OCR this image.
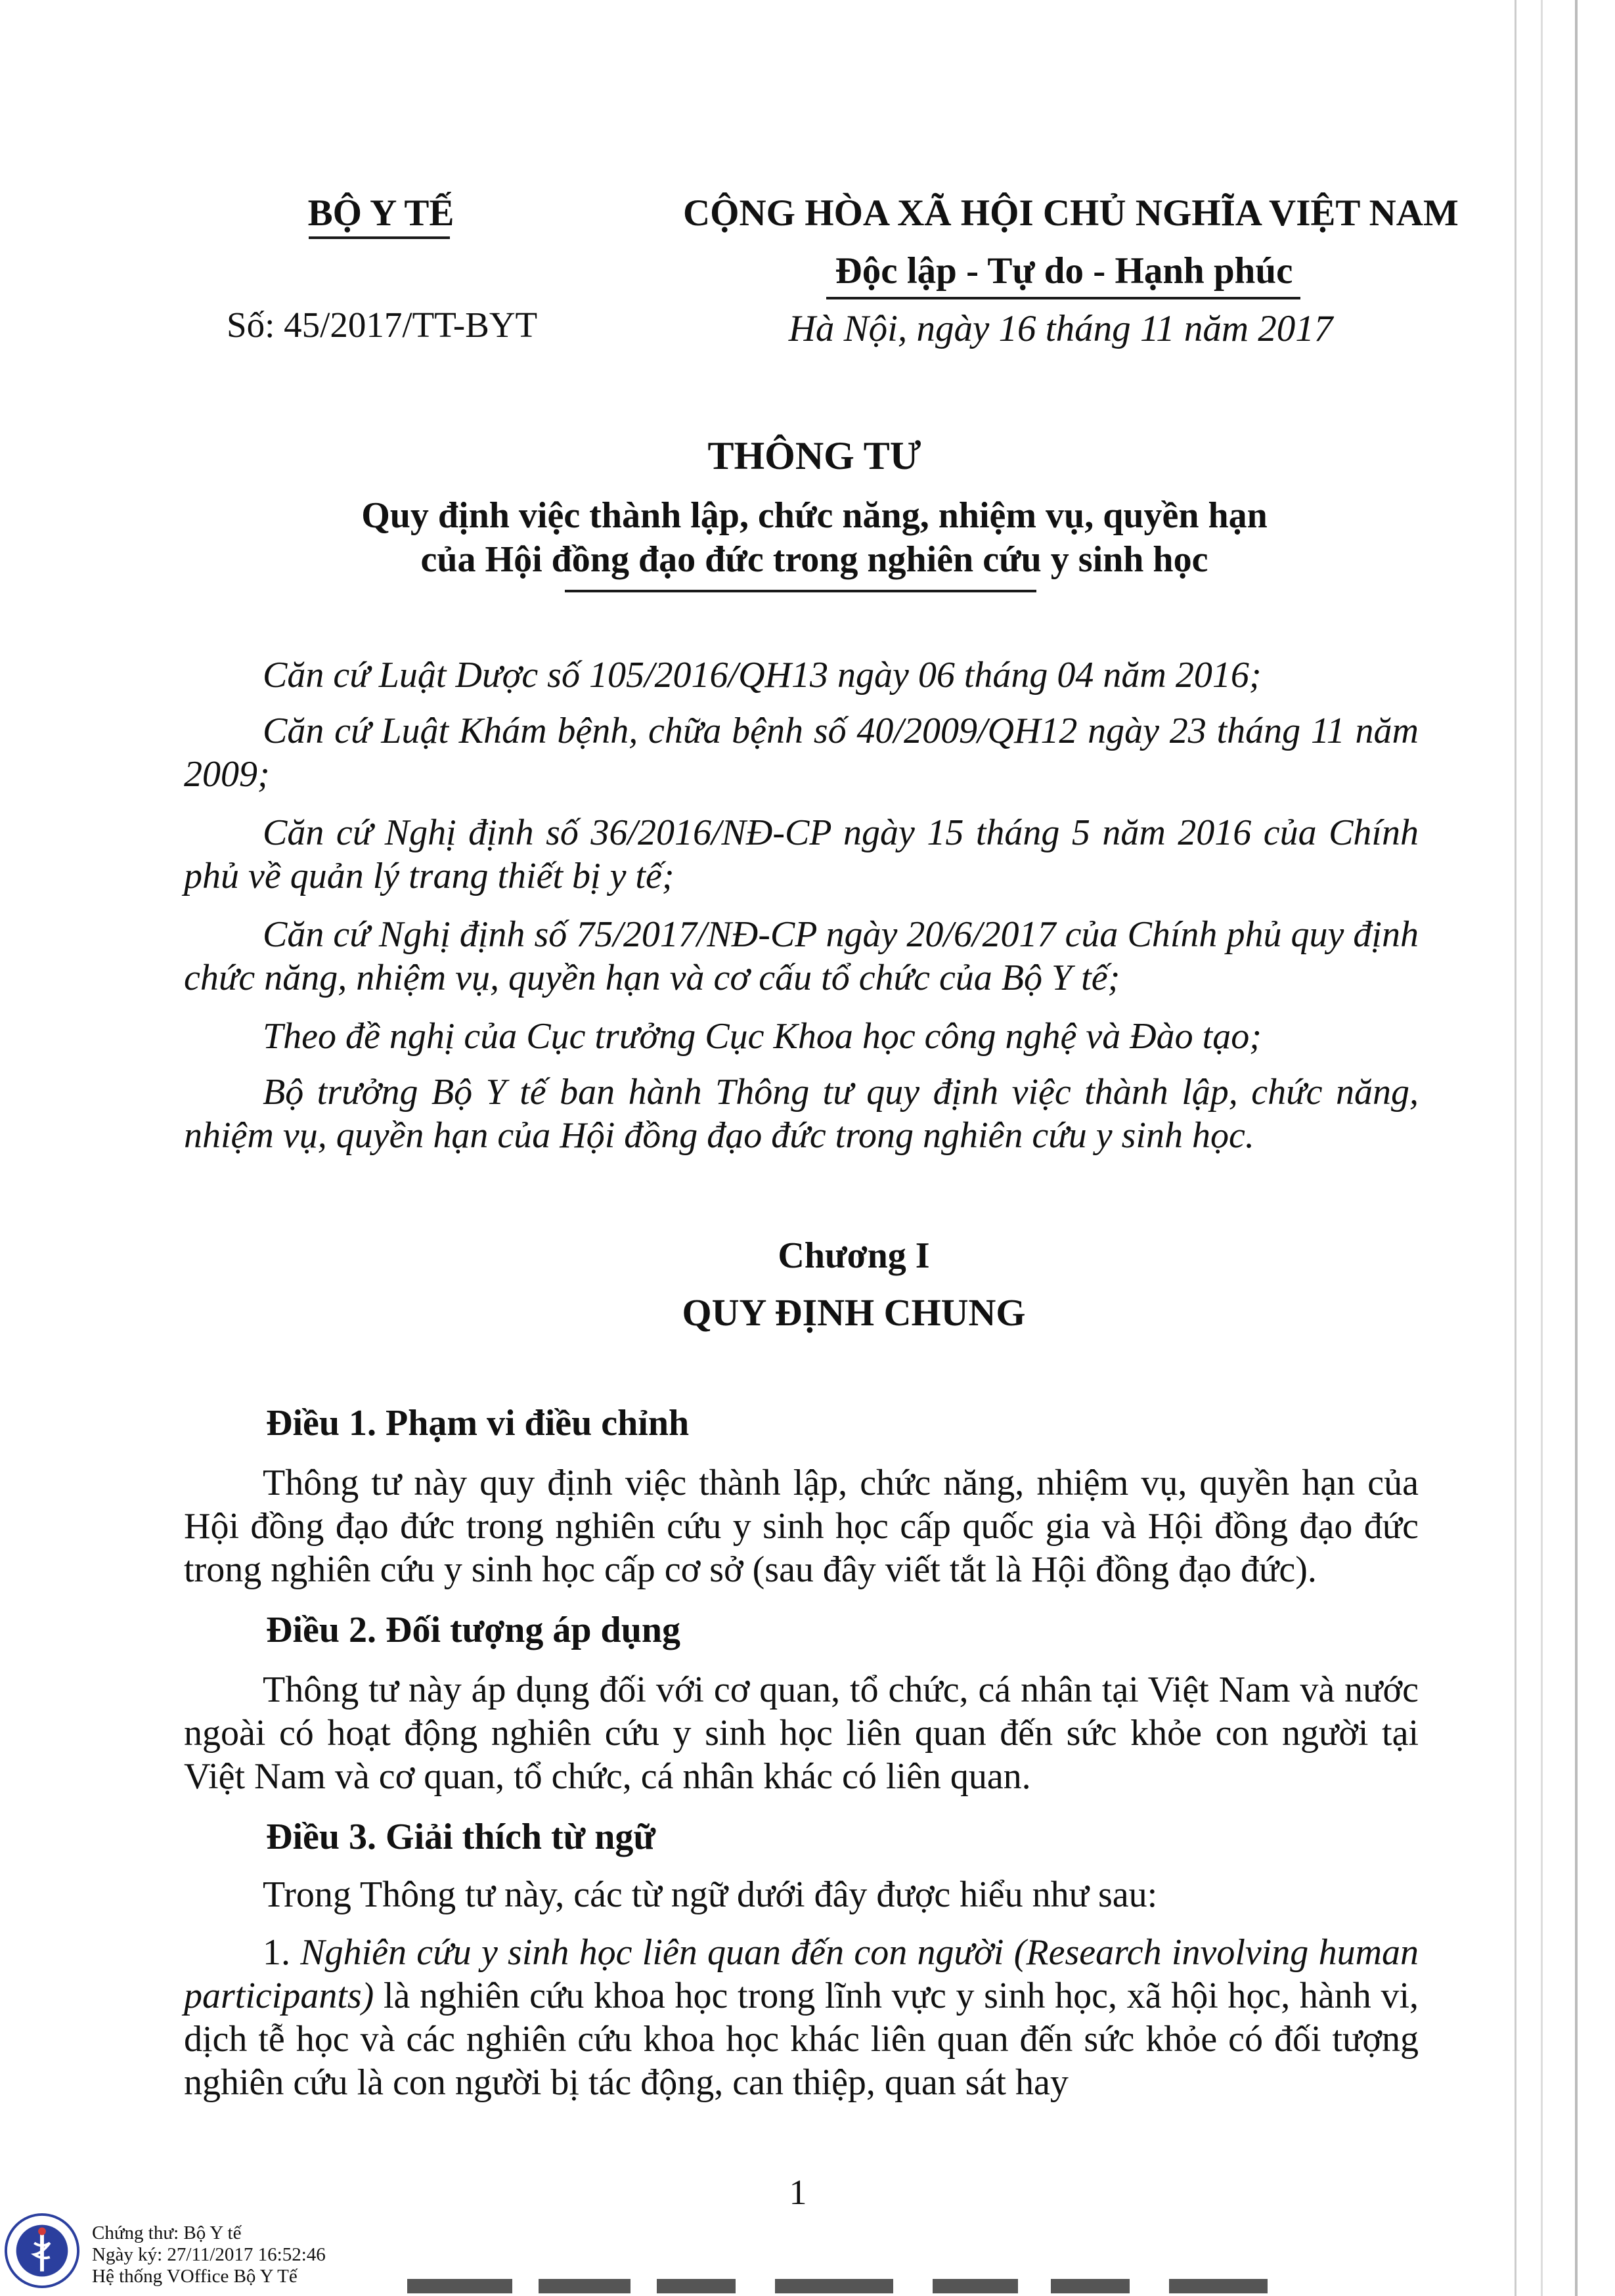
BỘ Y TẾ
Số: 45/2017/TT-BYT
CỘNG HÒA XÃ HỘI CHỦ NGHĨA VIỆT NAM
Độc lập - Tự do - Hạnh phúc
Hà Nội, ngày 16 tháng 11 năm 2017
THÔNG TƯ
Quy định việc thành lập, chức năng, nhiệm vụ, quyền hạn
của Hội đồng đạo đức trong nghiên cứu y sinh học
Căn cứ Luật Dược số 105/2016/QH13 ngày 06 tháng 04 năm 2016;
Căn cứ Luật Khám bệnh, chữa bệnh số 40/2009/QH12 ngày 23 tháng 11 năm 2009;
Căn cứ Nghị định số 36/2016/NĐ-CP ngày 15 tháng 5 năm 2016 của Chính phủ về quản lý trang thiết bị y tế;
Căn cứ Nghị định số 75/2017/NĐ-CP ngày 20/6/2017 của Chính phủ quy định chức năng, nhiệm vụ, quyền hạn và cơ cấu tổ chức của Bộ Y tế;
Theo đề nghị của Cục trưởng Cục Khoa học công nghệ và Đào tạo;
Bộ trưởng Bộ Y tế ban hành Thông tư quy định việc thành lập, chức năng, nhiệm vụ, quyền hạn của Hội đồng đạo đức trong nghiên cứu y sinh học.
Chương I
QUY ĐỊNH CHUNG
Điều 1. Phạm vi điều chỉnh
Thông tư này quy định việc thành lập, chức năng, nhiệm vụ, quyền hạn của Hội đồng đạo đức trong nghiên cứu y sinh học cấp quốc gia và Hội đồng đạo đức trong nghiên cứu y sinh học cấp cơ sở (sau đây viết tắt là Hội đồng đạo đức).
Điều 2. Đối tượng áp dụng
Thông tư này áp dụng đối với cơ quan, tổ chức, cá nhân tại Việt Nam và nước ngoài có hoạt động nghiên cứu y sinh học liên quan đến sức khỏe con người tại Việt Nam và cơ quan, tổ chức, cá nhân khác có liên quan.
Điều 3. Giải thích từ ngữ
Trong Thông tư này, các từ ngữ dưới đây được hiểu như sau:
1. Nghiên cứu y sinh học liên quan đến con người (Research involving human participants) là nghiên cứu khoa học trong lĩnh vực y sinh học, xã hội học, hành vi, dịch tễ học và các nghiên cứu khoa học khác liên quan đến sức khỏe có đối tượng nghiên cứu là con người bị tác động, can thiệp, quan sát hay
1
Chứng thư: Bộ Y tế
Ngày ký: 27/11/2017 16:52:46
Hệ thống VOffice Bộ Y Tế
